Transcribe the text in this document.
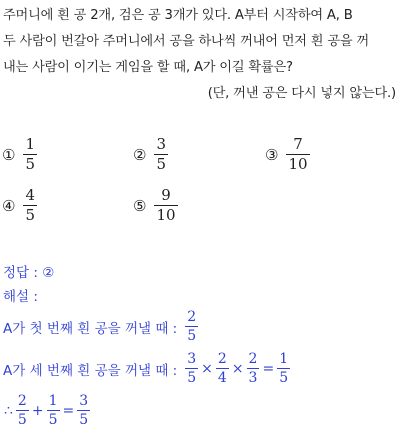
주머니에 흰 공 2개, 검은 공 3개가 있다. A부터 시작하여 A, B
두 사람이 번갈아 주머니에서 공을 하나씩 꺼내어 먼저 흰 공을 꺼
내는 사람이 이기는 게임을 할 때, A가 이길 확률은?
(단, 꺼낸 공은 다시 넣지 않는다.)
① $\frac{1}{5}$	② $\frac{3}{5}$	③ $\frac{7}{10}$
④ $\frac{4}{5}$	⑤ $\frac{9}{10}$
정답 : ②
해설 :
A가 첫 번째 흰 공을 꺼낼 때 : $\frac{2}{5}$
A가 세 번째 흰 공을 꺼낼 때 : $\frac{3}{5} \times \frac{2}{4} \times \frac{2}{3} = \frac{1}{5}$
∴ $\frac{2}{5} + \frac{1}{5} = \frac{3}{5}$
